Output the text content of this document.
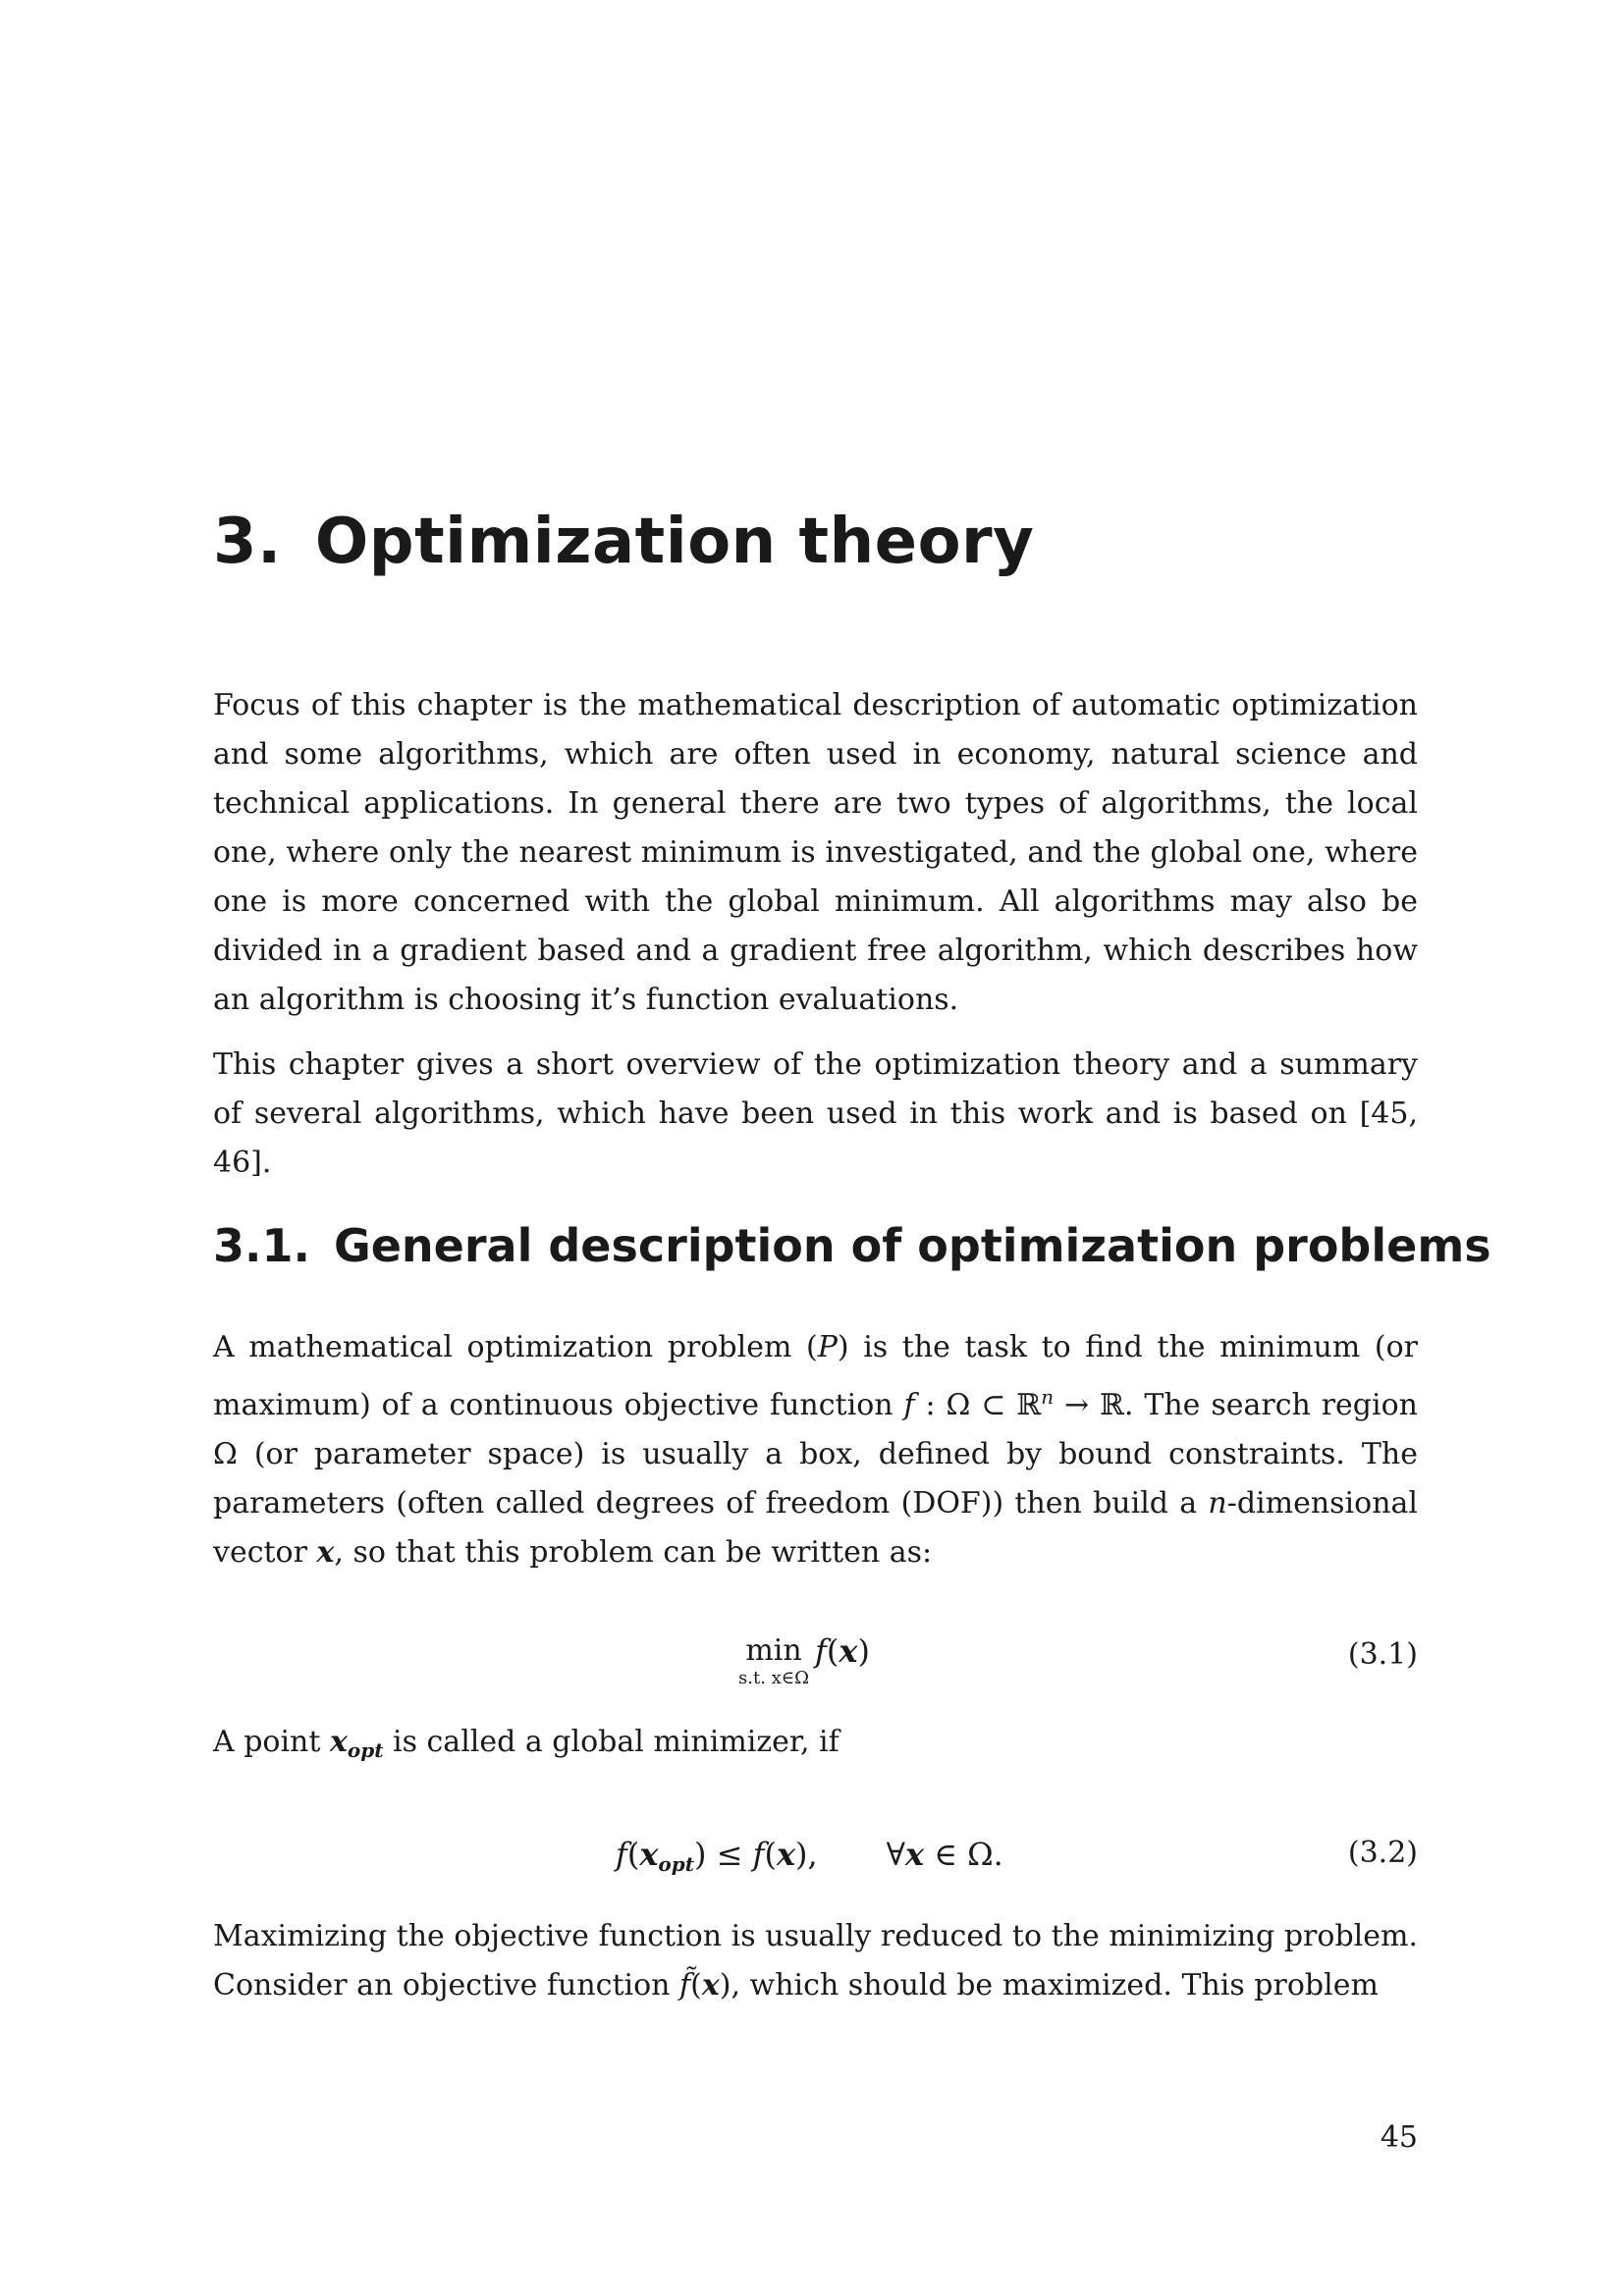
3. Optimization theory

Focus of this chapter is the mathematical description of automatic optimization and some algorithms, which are often used in economy, natural science and technical applications. In general there are two types of algorithms, the local one, where only the nearest minimum is investigated, and the global one, where one is more concerned with the global minimum. All algorithms may also be divided in a gradient based and a gradient free algorithm, which describes how an algorithm is choosing it’s function evaluations.

This chapter gives a short overview of the optimization theory and a summary of several algorithms, which have been used in this work and is based on [45, 46].

3.1. General description of optimization problems

A mathematical optimization problem (P) is the task to find the minimum (or maximum) of a continuous objective function f : Ω ⊂ ℝ$^n$ → ℝ. The search region Ω (or parameter space) is usually a box, defined by bound constraints. The parameters (often called degrees of freedom (DOF)) then build a n-dimensional vector x, so that this problem can be written as:

min
s.t. x∈Ω
f(x)	(3.1)
A point $x_{opt}$ is called a global minimizer, if
$f(x_{opt}) \le f(x)$, ∀x ∈ Ω.	(3.2)

Maximizing the objective function is usually reduced to the minimizing problem. Consider an objective function f̃(x), which should be maximized. This problem

45
